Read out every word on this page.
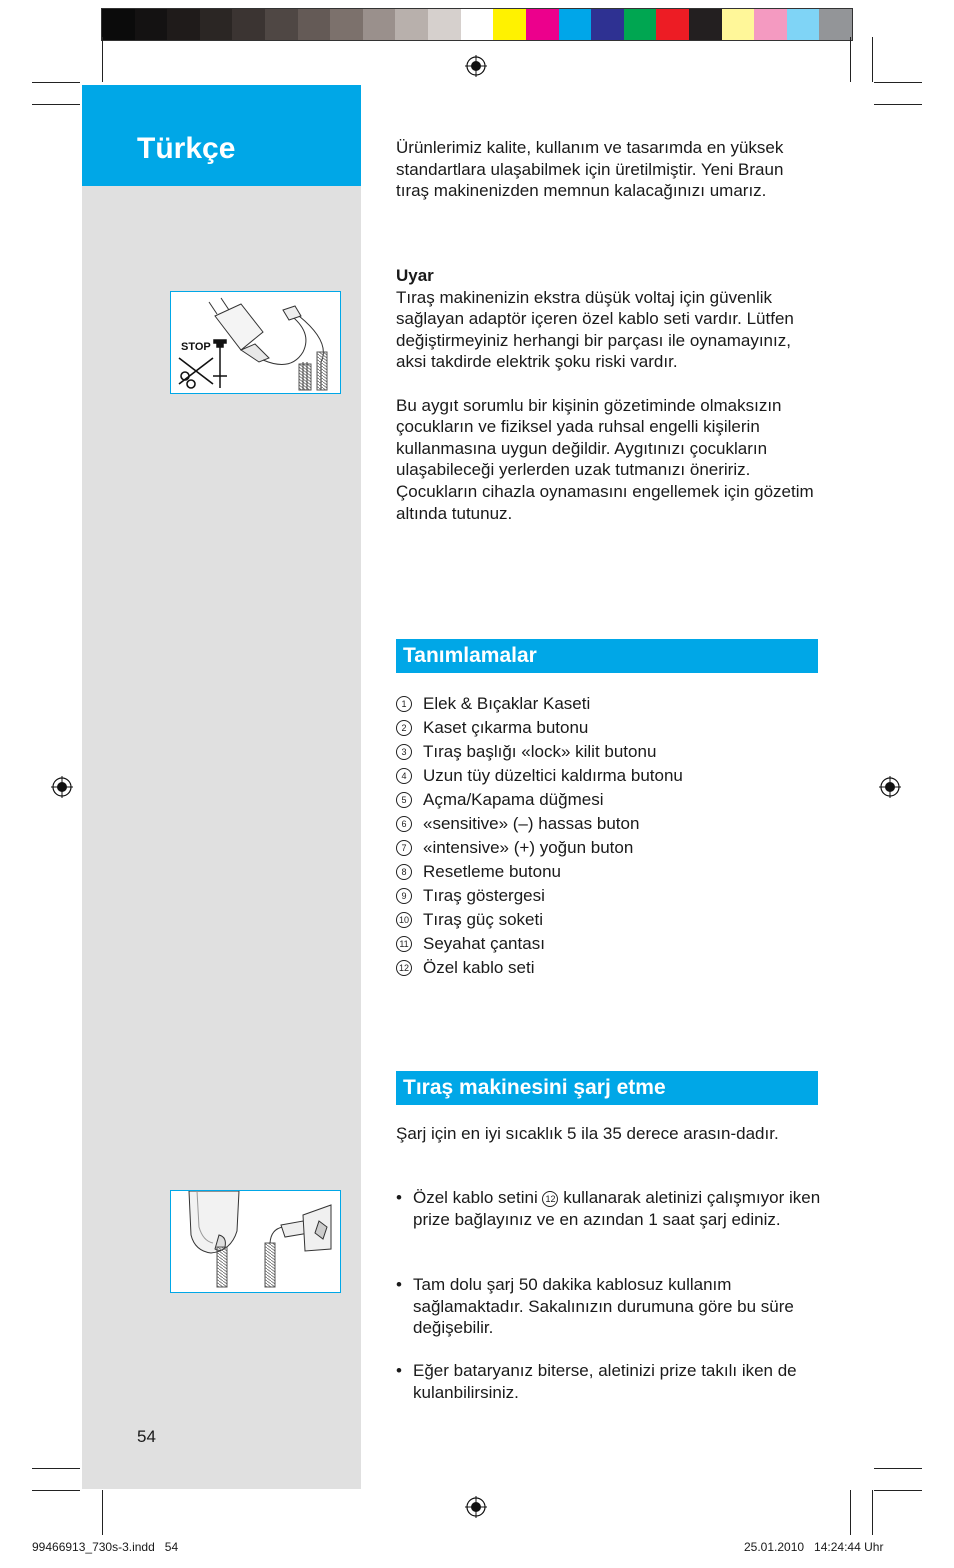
Türkçe
STOP
54

Ürünlerimiz kalite, kullanım ve tasarımda en yüksek standartlara ulaşabilmek için üretilmiştir. Yeni Braun tıraş makinenizden memnun kalacağınızı umarız.

Uyar

Tıraş makinenizin ekstra düşük voltaj için güvenlik sağlayan adaptör içeren özel kablo seti vardır. Lütfen değiştirmeyiniz herhangi bir parçası ile oynamayınız, aksi takdirde elektrik şoku riski vardır.

Bu aygıt sorumlu bir kişinin gözetiminde olmaksızın çocukların ve fiziksel yada ruhsal engelli kişilerin kullanmasına uygun değildir. Aygıtınızı çocukların ulaşabileceği yerlerden uzak tutmanızı öneririz. Çocukların cihazla oynamasını engellemek için gözetim altında tutunuz.

Tanımlamalar
1 Elek & Bıçaklar Kaseti
2 Kaset çıkarma butonu
3 Tıraş başlığı «lock» kilit butonu
4 Uzun tüy düzeltici kaldırma butonu
5 Açma/Kapama düğmesi
6 «sensitive» (–) hassas buton
7 «intensive» (+) yoğun buton
8 Resetleme butonu
9 Tıraş göstergesi
10 Tıraş güç soketi
11 Seyahat çantası
12 Özel kablo seti
Tıraş makinesini şarj etme

Şarj için en iyi sıcaklık 5 ila 35 derece arasın-dadır.

• Özel kablo setini 12 kullanarak aletinizi çalışmıyor iken prize bağlayınız ve en azından 1 saat şarj ediniz.
• Tam dolu şarj 50 dakika kablosuz kullanım sağlamaktadır. Sakalınızın durumuna göre bu süre değişebilir.
• Eğer bataryanız biterse, aletinizi prize takılı iken de kulanbilirsiniz.
99466913_730s-3.indd   54	25.01.2010   14:24:44 Uhr
